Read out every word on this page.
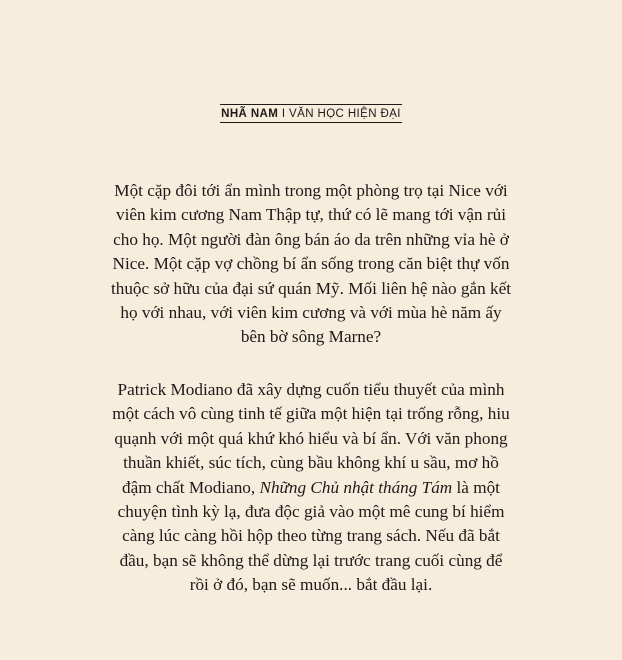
NHÃ NAM I VĂN HỌC HIỆN ĐẠI

Một cặp đôi tới ẩn mình trong một phòng trọ tại Nice với
viên kim cương Nam Thập tự, thứ có lẽ mang tới vận rủi
cho họ. Một người đàn ông bán áo da trên những vỉa hè ở
Nice. Một cặp vợ chồng bí ẩn sống trong căn biệt thự vốn
thuộc sở hữu của đại sứ quán Mỹ. Mối liên hệ nào gắn kết
họ với nhau, với viên kim cương và với mùa hè năm ấy
bên bờ sông Marne?

Patrick Modiano đã xây dựng cuốn tiểu thuyết của mình
một cách vô cùng tinh tế giữa một hiện tại trống rỗng, hiu
quạnh với một quá khứ khó hiểu và bí ẩn. Với văn phong
thuần khiết, súc tích, cùng bầu không khí u sầu, mơ hồ
đậm chất Modiano, Những Chủ nhật tháng Tám là một
chuyện tình kỳ lạ, đưa độc giả vào một mê cung bí hiểm
càng lúc càng hồi hộp theo từng trang sách. Nếu đã bắt
đầu, bạn sẽ không thể dừng lại trước trang cuối cùng để
rồi ở đó, bạn sẽ muốn... bắt đầu lại.
